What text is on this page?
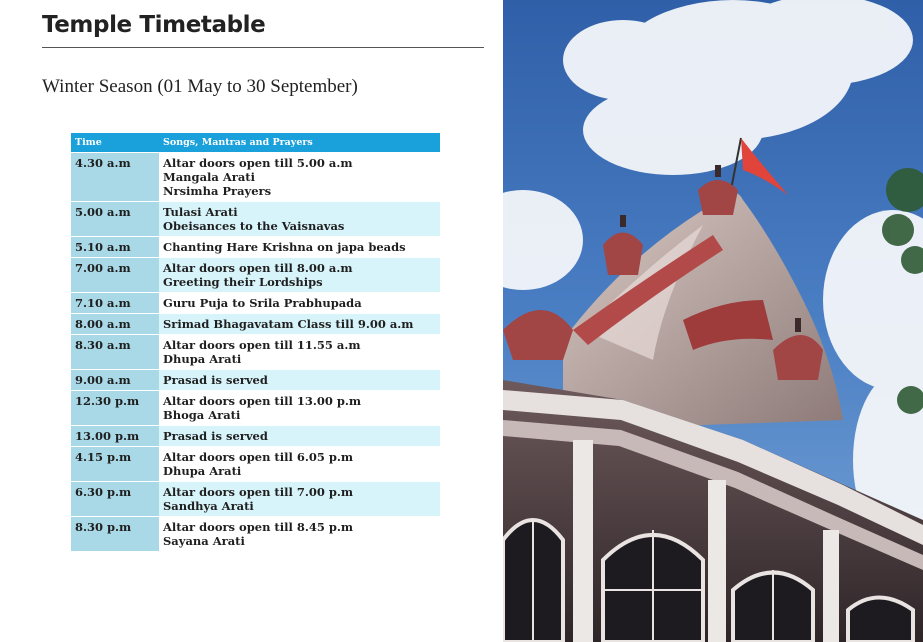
Temple Timetable
Winter Season (01 May to 30 September)
Time	Songs, Mantras and Prayers
4.30 a.m	Altar doors open till 5.00 a.m
Mangala Arati
Nrsimha Prayers

5.00 a.m	Tulasi Arati
Obeisances to the Vaisnavas

5.10 a.m	Chanting Hare Krishna on japa beads

7.00 a.m	Altar doors open till 8.00 a.m
Greeting their Lordships

7.10 a.m	Guru Puja to Srila Prabhupada

8.00 a.m	Srimad Bhagavatam Class till 9.00 a.m

8.30 a.m	Altar doors open till 11.55 a.m
Dhupa Arati

9.00 a.m	Prasad is served

12.30 p.m	Altar doors open till 13.00 p.m
Bhoga Arati

13.00 p.m	Prasad is served

4.15 p.m	Altar doors open till 6.05 p.m
Dhupa Arati

6.30 p.m	Altar doors open till 7.00 p.m
Sandhya Arati

8.30 p.m	Altar doors open till 8.45 p.m
Sayana Arati
